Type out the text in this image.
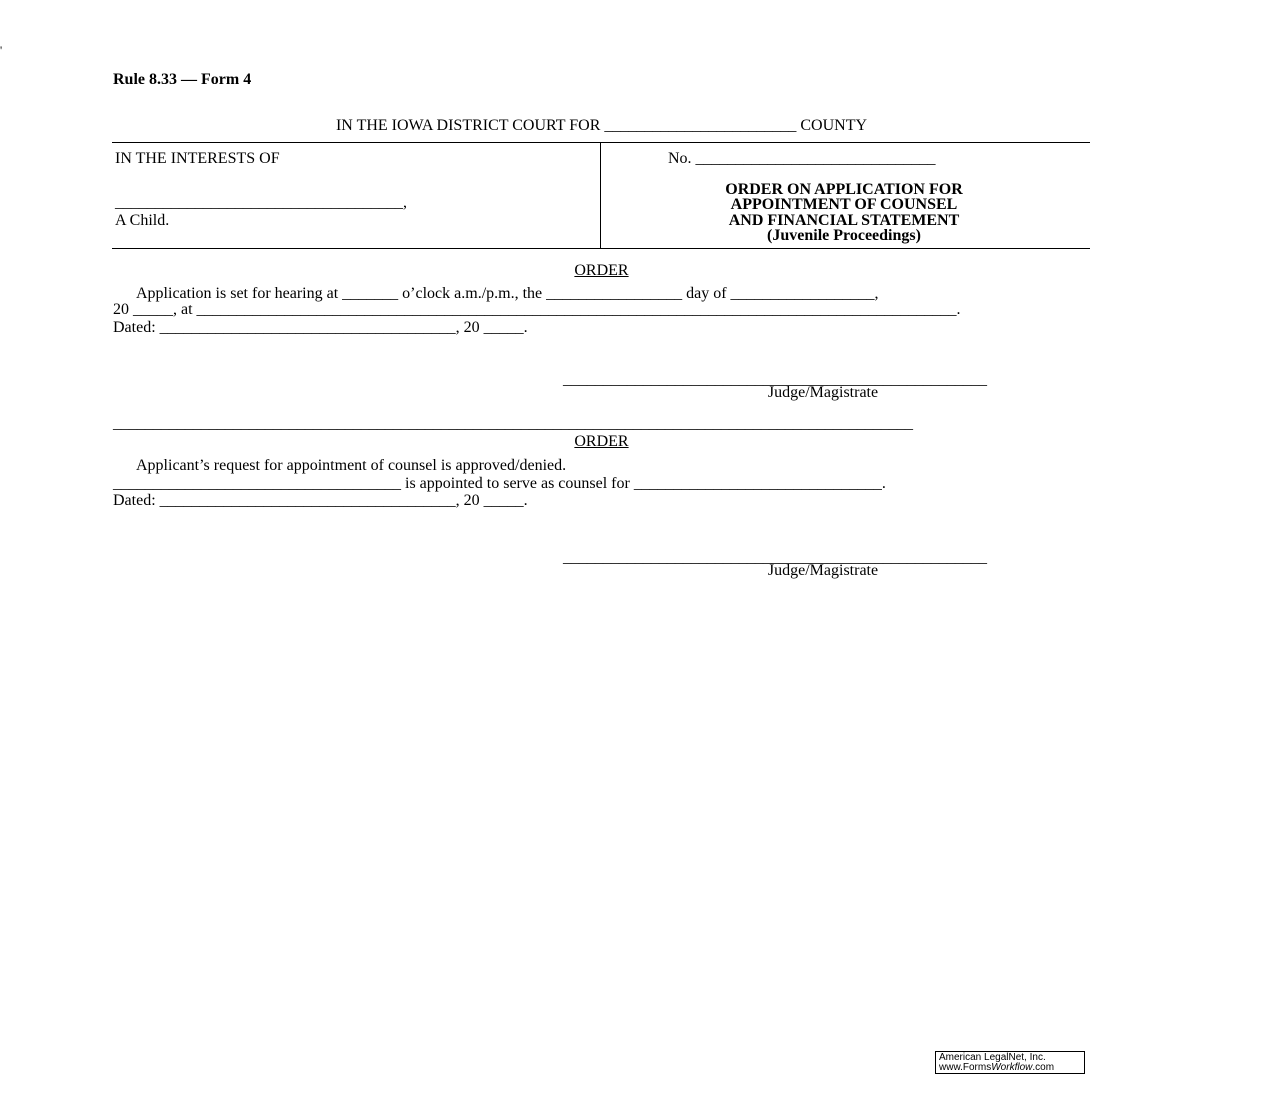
'
Rule 8.33 — Form 4
IN THE IOWA DISTRICT COURT FOR ________________________ COUNTY
IN THE INTERESTS OF
____________________________________,
A Child.
No. ______________________________
ORDER ON APPLICATION FOR
APPOINTMENT OF COUNSEL
AND FINANCIAL STATEMENT
(Juvenile Proceedings)
ORDER
Application is set for hearing at _______ o’clock a.m./p.m., the _________________ day of __________________,
20 _____, at _______________________________________________________________________________________________.
Dated: _____________________________________, 20 _____.
_____________________________________________________
Judge/Magistrate
____________________________________________________________________________________________________
ORDER
Applicant’s request for appointment of counsel is approved/denied.
____________________________________ is appointed to serve as counsel for _______________________________.
Dated: _____________________________________, 20 _____.
_____________________________________________________
Judge/Magistrate
American LegalNet, Inc.
www.FormsWorkflow.com
